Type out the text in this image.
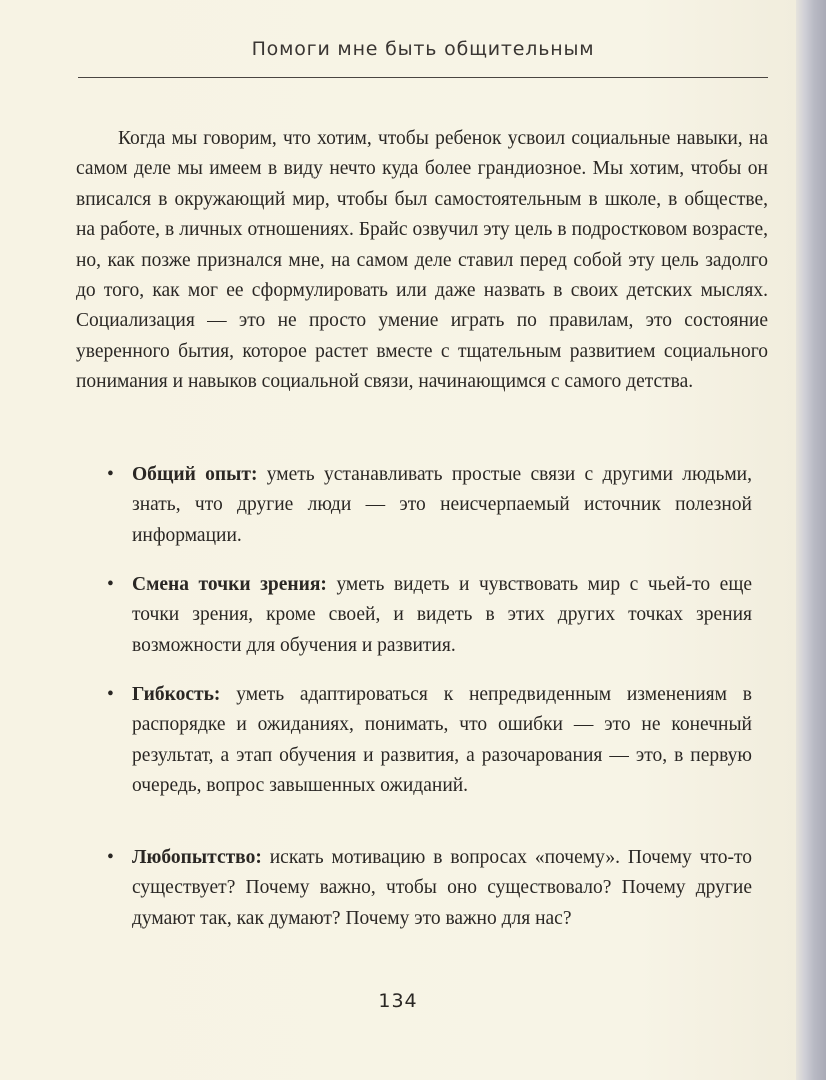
Помоги мне быть общительным

Когда мы говорим, что хотим, чтобы ребенок усвоил социальные навыки, на самом деле мы имеем в виду нечто куда более грандиозное. Мы хотим, чтобы он вписался в окружающий мир, чтобы был самостоятельным в школе, в обществе, на работе, в личных отношениях. Брайс озвучил эту цель в подростковом возрасте, но, как позже признался мне, на самом деле ставил перед собой эту цель задолго до того, как мог ее сформулировать или даже назвать в своих детских мыслях. Социализация — это не просто умение играть по правилам, это состояние уверенного бытия, которое растет вместе с тщательным развитием социального понимания и навыков социальной связи, начинающимся с самого детства.

• Общий опыт: уметь устанавливать простые связи с другими людьми, знать, что другие люди — это неисчерпаемый источник полезной информации.
• Смена точки зрения: уметь видеть и чувствовать мир с чьей-то еще точки зрения, кроме своей, и видеть в этих других точках зрения возможности для обучения и развития.
• Гибкость: уметь адаптироваться к непредвиденным изменениям в распорядке и ожиданиях, понимать, что ошибки — это не конечный результат, а этап обучения и развития, а разочарования — это, в первую очередь, вопрос завышенных ожиданий.
• Любопытство: искать мотивацию в вопросах «почему». Почему что-то существует? Почему важно, чтобы оно существовало? Почему другие думают так, как думают? Почему это важно для нас?
134
